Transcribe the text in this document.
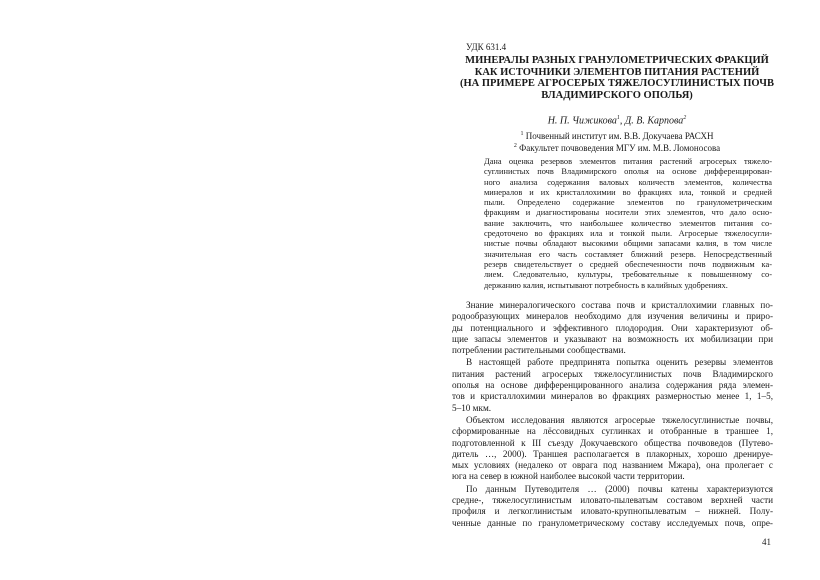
УДК 631.4
МИНЕРАЛЫ РАЗНЫХ ГРАНУЛОМЕТРИЧЕСКИХ ФРАКЦИЙ
КАК ИСТОЧНИКИ ЭЛЕМЕНТОВ ПИТАНИЯ РАСТЕНИЙ
(НА ПРИМЕРЕ АГРОСЕРЫХ ТЯЖЕЛОСУГЛИНИСТЫХ ПОЧВ
ВЛАДИМИРСКОГО ОПОЛЬЯ)
Н. П. Чижикова$^1$, Д. В. Карпова$^2$
$^1$ Почвенный институт им. В.В. Докучаева РАСХН
$^2$ Факультет почвоведения МГУ им. М.В. Ломоносова
Дана оценка резервов элементов питания растений агросерых тяжело-
суглинистых почв Владимирского ополья на основе дифференцирован-
ного анализа содержания валовых количеств элементов, количества
минералов и их кристаллохимии во фракциях ила, тонкой и средней
пыли. Определено содержание элементов по гранулометрическим
фракциям и диагностированы носители этих элементов, что дало осно-
вание заключить, что наибольшее количество элементов питания со-
средоточено во фракциях ила и тонкой пыли. Агросерые тяжелосугли-
нистые почвы обладают высокими общими запасами калия, в том числе
значительная его часть составляет ближний резерв. Непосредственный
резерв свидетельствует о средней обеспеченности почв подвижным ка-
лием. Следовательно, культуры, требовательные к повышенному со-
держанию калия, испытывают потребность в калийных удобрениях.
Знание минералогического состава почв и кристаллохимии главных по-
родообразующих минералов необходимо для изучения величины и приро-
ды потенциального и эффективного плодородия. Они характеризуют об-
щие запасы элементов и указывают на возможность их мобилизации при
потреблении растительными сообществами.
В настоящей работе предпринята попытка оценить резервы элементов
питания растений агросерых тяжелосуглинистых почв Владимирского
ополья на основе дифференцированного анализа содержания ряда элемен-
тов и кристаллохимии минералов во фракциях размерностью менее 1, 1–5,
5–10 мкм.
Объектом исследования являются агросерые тяжелосуглинистые почвы,
сформированные на лёссовидных суглинках и отобранные в траншее 1,
подготовленной к III съезду Докучаевского общества почвоведов (Путево-
дитель …, 2000). Траншея располагается в плакорных, хорошо дренируе-
мых условиях (недалеко от оврага под названием Мжара), она пролегает с
юга на север в южной наиболее высокой части территории.
По данным Путеводителя … (2000) почвы катены характеризуются
средне-, тяжелосуглинистым иловато-пылеватым составом верхней части
профиля и легкоглинистым иловато-крупнопылеватым – нижней. Полу-
ченные данные по гранулометрическому составу исследуемых почв, опре-
41
